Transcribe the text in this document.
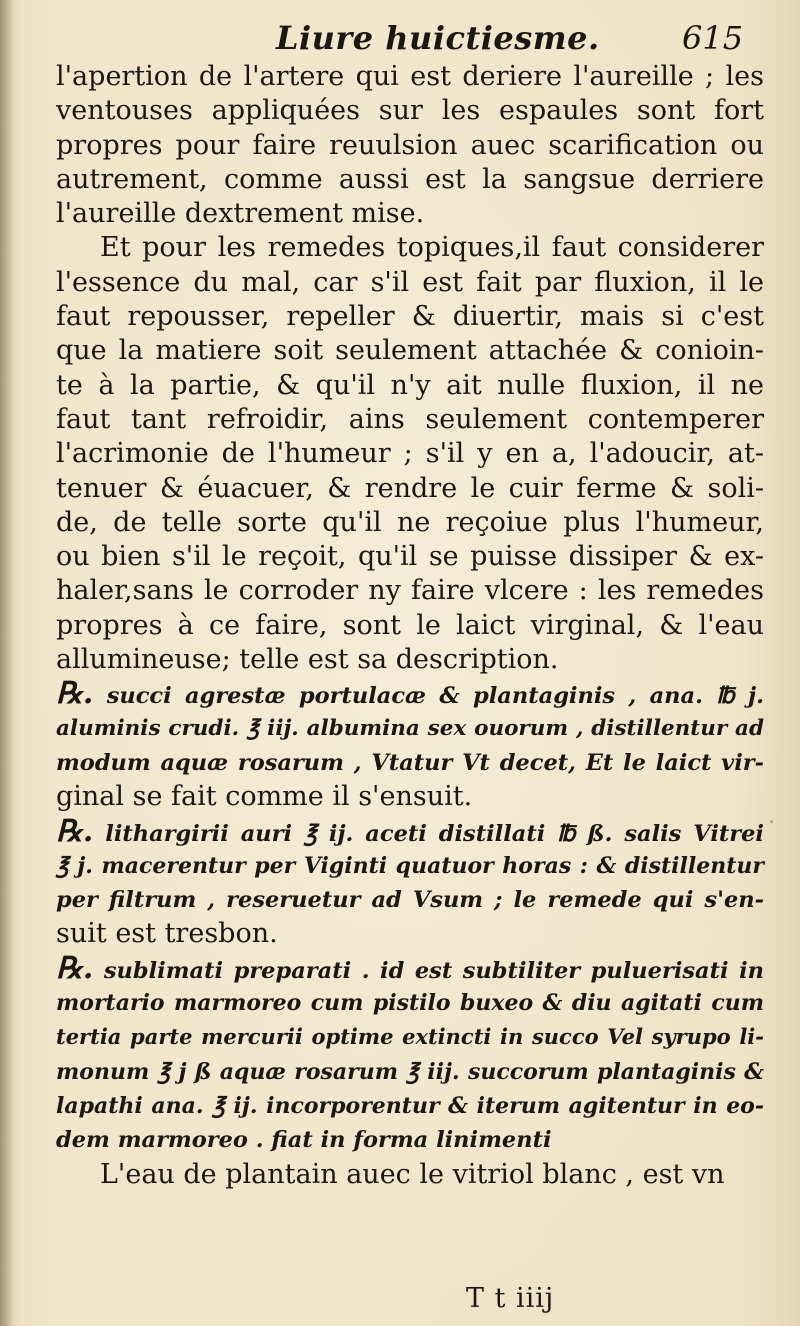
Liure huictiesme.	615
l'apertion de l'artere qui est deriere l'aureille ; les
ventouses appliquées sur les espaules sont fort
propres pour faire reuulsion auec scarification ou
autrement, comme aussi est la sangsue derriere
l'aureille dextrement mise.
Et pour les remedes topiques,il faut considerer
l'essence du mal, car s'il est fait par fluxion, il le
faut repousser, repeller & diuertir, mais si c'est
que la matiere soit seulement attachée & conioin-
te à la partie, & qu'il n'y ait nulle fluxion, il ne
faut tant refroidir, ains seulement contemperer
l'acrimonie de l'humeur ; s'il y en a, l'adoucir, at-
tenuer & éuacuer, & rendre le cuir ferme & soli-
de, de telle sorte qu'il ne reçoiue plus l'humeur,
ou bien s'il le reçoit, qu'il se puisse dissiper & ex-
haler,sans le corroder ny faire vlcere : les remedes
propres à ce faire, sont le laict virginal, & l'eau
allumineuse; telle est sa description.
℞. succi agrestæ portulacæ & plantaginis , ana. ℔ j.
aluminis crudi. ℥ iij. albumina sex ouorum , distillentur ad
modum aquæ rosarum , Vtatur Vt decet, Et le laict vir-
ginal se fait comme il s'ensuit.
℞. lithargirii auri ℥ ij. aceti distillati ℔ ß. salis Vitrei
℥ j. macerentur per Viginti quatuor horas : & distillentur
per filtrum , reseruetur ad Vsum ; le remede qui s'en-
suit est tresbon.
℞. sublimati preparati . id est subtiliter puluerisati in
mortario marmoreo cum pistilo buxeo & diu agitati cum
tertia parte mercurii optime extincti in succo Vel syrupo li-
monum ℥ j ß aquæ rosarum ℥ iij. succorum plantaginis &
lapathi ana. ℥ ij. incorporentur & iterum agitentur in eo-
dem marmoreo . fiat in forma linimenti
L'eau de plantain auec le vitriol blanc , est vn
T t iiij
